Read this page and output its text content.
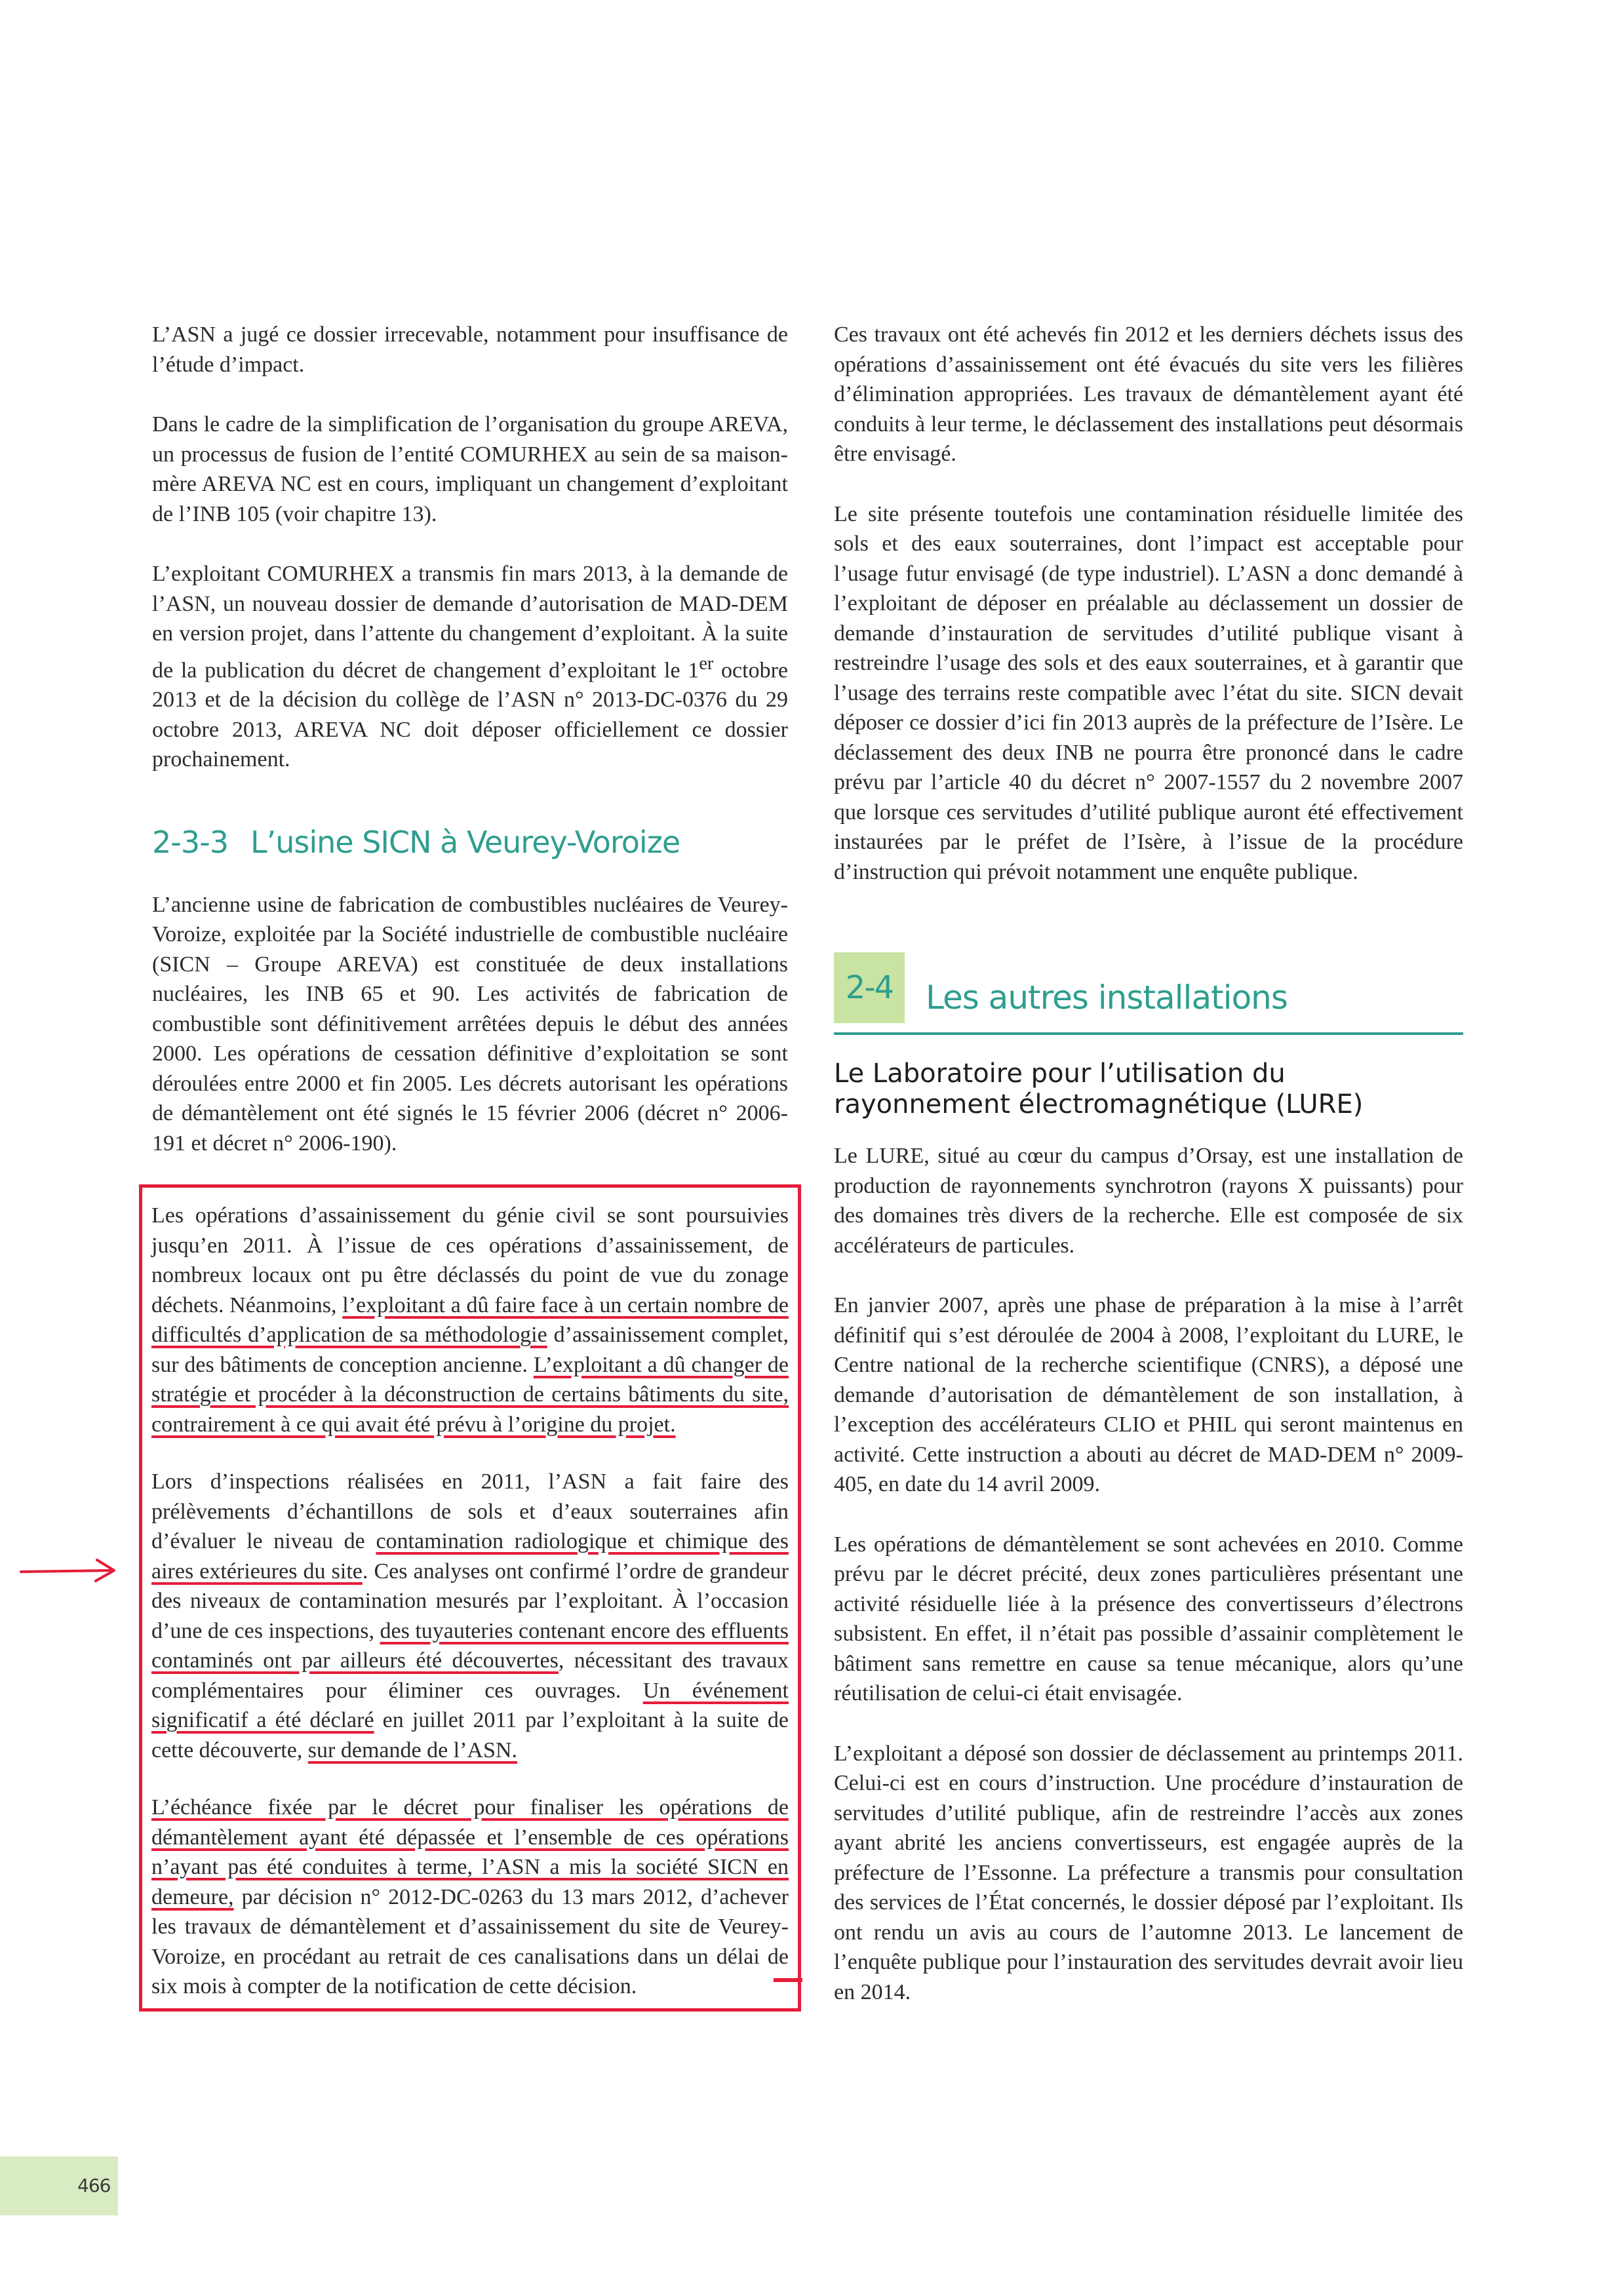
L’ASN a jugé ce dossier irrecevable, notamment pour insuffisance de l’étude d’impact.

Dans le cadre de la simplification de l’organisation du groupe AREVA, un processus de fusion de l’entité COMURHEX au sein de sa maison-mère AREVA NC est en cours, impliquant un changement d’exploitant de l’INB 105 (voir chapitre 13).

L’exploitant COMURHEX a transmis fin mars 2013, à la demande de l’ASN, un nouveau dossier de demande d’autorisation de MAD-DEM en version projet, dans l’attente du changement d’exploitant. À la suite de la publication du décret de changement d’exploitant le 1er octobre 2013 et de la décision du collège de l’ASN n° 2013-DC-0376 du 29 octobre 2013, AREVA NC doit déposer officiellement ce dossier prochainement.

2-3-3 L’usine SICN à Veurey-Voroize

L’ancienne usine de fabrication de combustibles nucléaires de Veurey-Voroize, exploitée par la Société industrielle de combustible nucléaire (SICN – Groupe AREVA) est constituée de deux installations nucléaires, les INB 65 et 90. Les activités de fabrication de combustible sont définitivement arrêtées depuis le début des années 2000. Les opérations de cessation définitive d’exploitation se sont déroulées entre 2000 et fin 2005. Les décrets autorisant les opérations de démantèlement ont été signés le 15 février 2006 (décret n° 2006-191 et décret n° 2006-190).

Les opérations d’assainissement du génie civil se sont poursuivies jusqu’en 2011. À l’issue de ces opérations d’assainissement, de nombreux locaux ont pu être déclassés du point de vue du zonage déchets. Néanmoins, l’exploitant a dû faire face à un certain nombre de difficultés d’application de sa méthodologie d’assainissement complet, sur des bâtiments de conception ancienne. L’exploitant a dû changer de stratégie et procéder à la déconstruction de certains bâtiments du site, contrairement à ce qui avait été prévu à l’origine du projet.

Lors d’inspections réalisées en 2011, l’ASN a fait faire des prélèvements d’échantillons de sols et d’eaux souterraines afin d’évaluer le niveau de contamination radiologique et chimique des aires extérieures du site. Ces analyses ont confirmé l’ordre de grandeur des niveaux de contamination mesurés par l’exploitant. À l’occasion d’une de ces inspections, des tuyauteries contenant encore des effluents contaminés ont par ailleurs été découvertes, nécessitant des travaux complémentaires pour éliminer ces ouvrages. Un événement significatif a été déclaré en juillet 2011 par l’exploitant à la suite de cette découverte, sur demande de l’ASN.

L’échéance fixée par le décret pour finaliser les opérations de démantèlement ayant été dépassée et l’ensemble de ces opérations n’ayant pas été conduites à terme, l’ASN a mis la société SICN en demeure, par décision n° 2012-DC-0263 du 13 mars 2012, d’achever les travaux de démantèlement et d’assainissement du site de Veurey-Voroize, en procédant au retrait de ces canalisations dans un délai de six mois à compter de la notification de cette décision.

Ces travaux ont été achevés fin 2012 et les derniers déchets issus des opérations d’assainissement ont été évacués du site vers les filières d’élimination appropriées. Les travaux de démantèlement ayant été conduits à leur terme, le déclassement des installations peut désormais être envisagé.

Le site présente toutefois une contamination résiduelle limitée des sols et des eaux souterraines, dont l’impact est acceptable pour l’usage futur envisagé (de type industriel). L’ASN a donc demandé à l’exploitant de déposer en préalable au déclassement un dossier de demande d’instauration de servitudes d’utilité publique visant à restreindre l’usage des sols et des eaux souterraines, et à garantir que l’usage des terrains reste compatible avec l’état du site. SICN devait déposer ce dossier d’ici fin 2013 auprès de la préfecture de l’Isère. Le déclassement des deux INB ne pourra être prononcé dans le cadre prévu par l’article 40 du décret n° 2007-1557 du 2 novembre 2007 que lorsque ces servitudes d’utilité publique auront été effectivement instaurées par le préfet de l’Isère, à l’issue de la procédure d’instruction qui prévoit notamment une enquête publique.

2-4 Les autres installations
Le Laboratoire pour l’utilisation du rayonnement électromagnétique (LURE)

Le LURE, situé au cœur du campus d’Orsay, est une installation de production de rayonnements synchrotron (rayons X puissants) pour des domaines très divers de la recherche. Elle est composée de six accélérateurs de particules.

En janvier 2007, après une phase de préparation à la mise à l’arrêt définitif qui s’est déroulée de 2004 à 2008, l’exploitant du LURE, le Centre national de la recherche scientifique (CNRS), a déposé une demande d’autorisation de démantèlement de son installation, à l’exception des accélérateurs CLIO et PHIL qui seront maintenus en activité. Cette instruction a abouti au décret de MAD-DEM n° 2009-405, en date du 14 avril 2009.

Les opérations de démantèlement se sont achevées en 2010. Comme prévu par le décret précité, deux zones particulières présentant une activité résiduelle liée à la présence des convertisseurs d’électrons subsistent. En effet, il n’était pas possible d’assainir complètement le bâtiment sans remettre en cause sa tenue mécanique, alors qu’une réutilisation de celui-ci était envisagée.

L’exploitant a déposé son dossier de déclassement au printemps 2011. Celui-ci est en cours d’instruction. Une procédure d’instauration de servitudes d’utilité publique, afin de restreindre l’accès aux zones ayant abrité les anciens convertisseurs, est engagée auprès de la préfecture de l’Essonne. La préfecture a transmis pour consultation des services de l’État concernés, le dossier déposé par l’exploitant. Ils ont rendu un avis au cours de l’automne 2013. Le lancement de l’enquête publique pour l’instauration des servitudes devrait avoir lieu en 2014.

466
